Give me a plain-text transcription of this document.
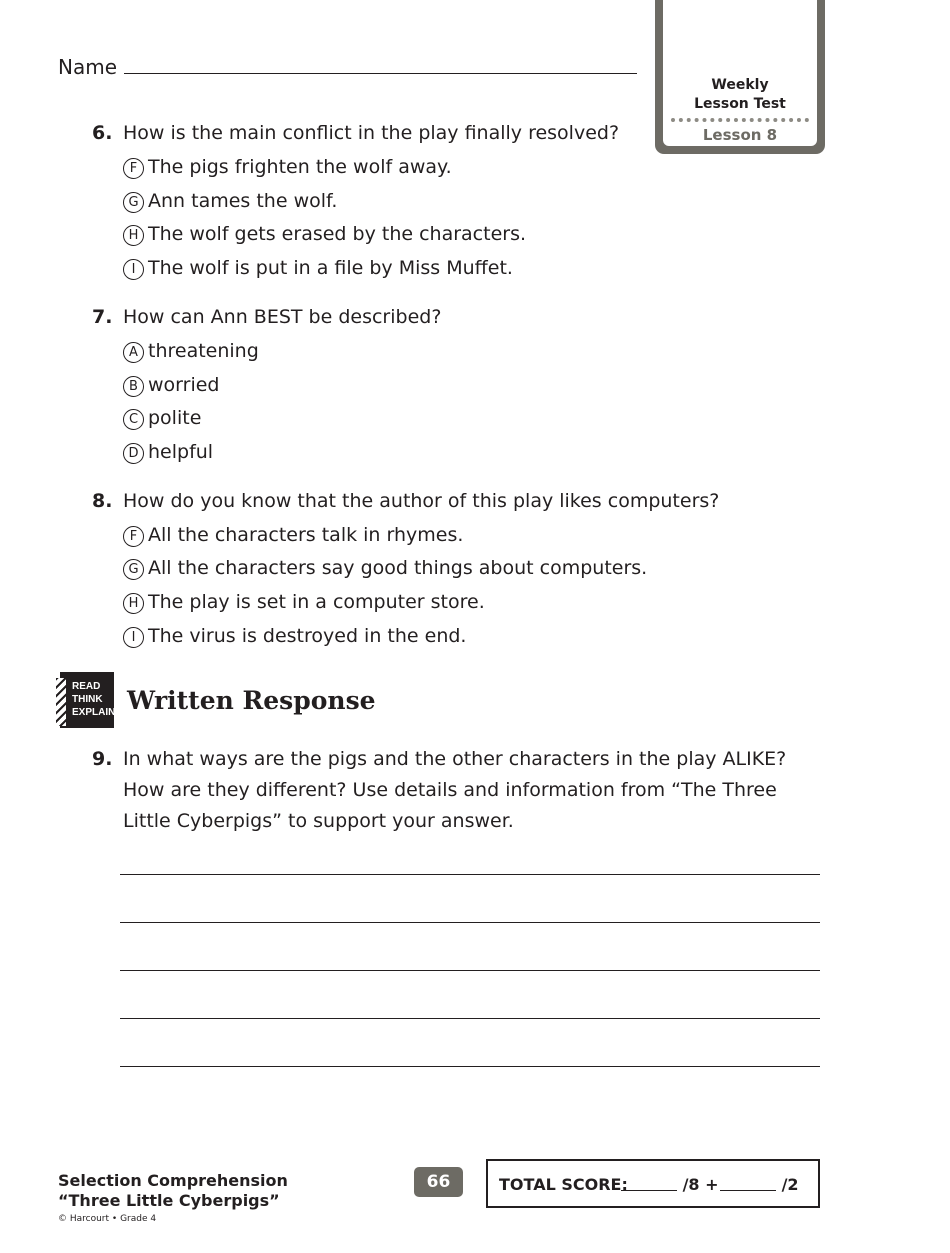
Name
Weekly
Lesson Test
Lesson 8
6. How is the main conflict in the play finally resolved?
F The pigs frighten the wolf away.
G Ann tames the wolf.
H The wolf gets erased by the characters.
I The wolf is put in a file by Miss Muffet.
7. How can Ann BEST be described?
A threatening
B worried
C polite
D helpful
8. How do you know that the author of this play likes computers?
F All the characters talk in rhymes.
G All the characters say good things about computers.
H The play is set in a computer store.
I The virus is destroyed in the end.
READ
THINK
EXPLAIN Written Response
9. In what ways are the pigs and the other characters in the play ALIKE? How are they different? Use details and information from “The Three Little Cyberpigs” to support your answer.
Selection Comprehension
“Three Little Cyberpigs”
© Harcourt • Grade 4
66	TOTAL SCORE:	/8 +	/2
